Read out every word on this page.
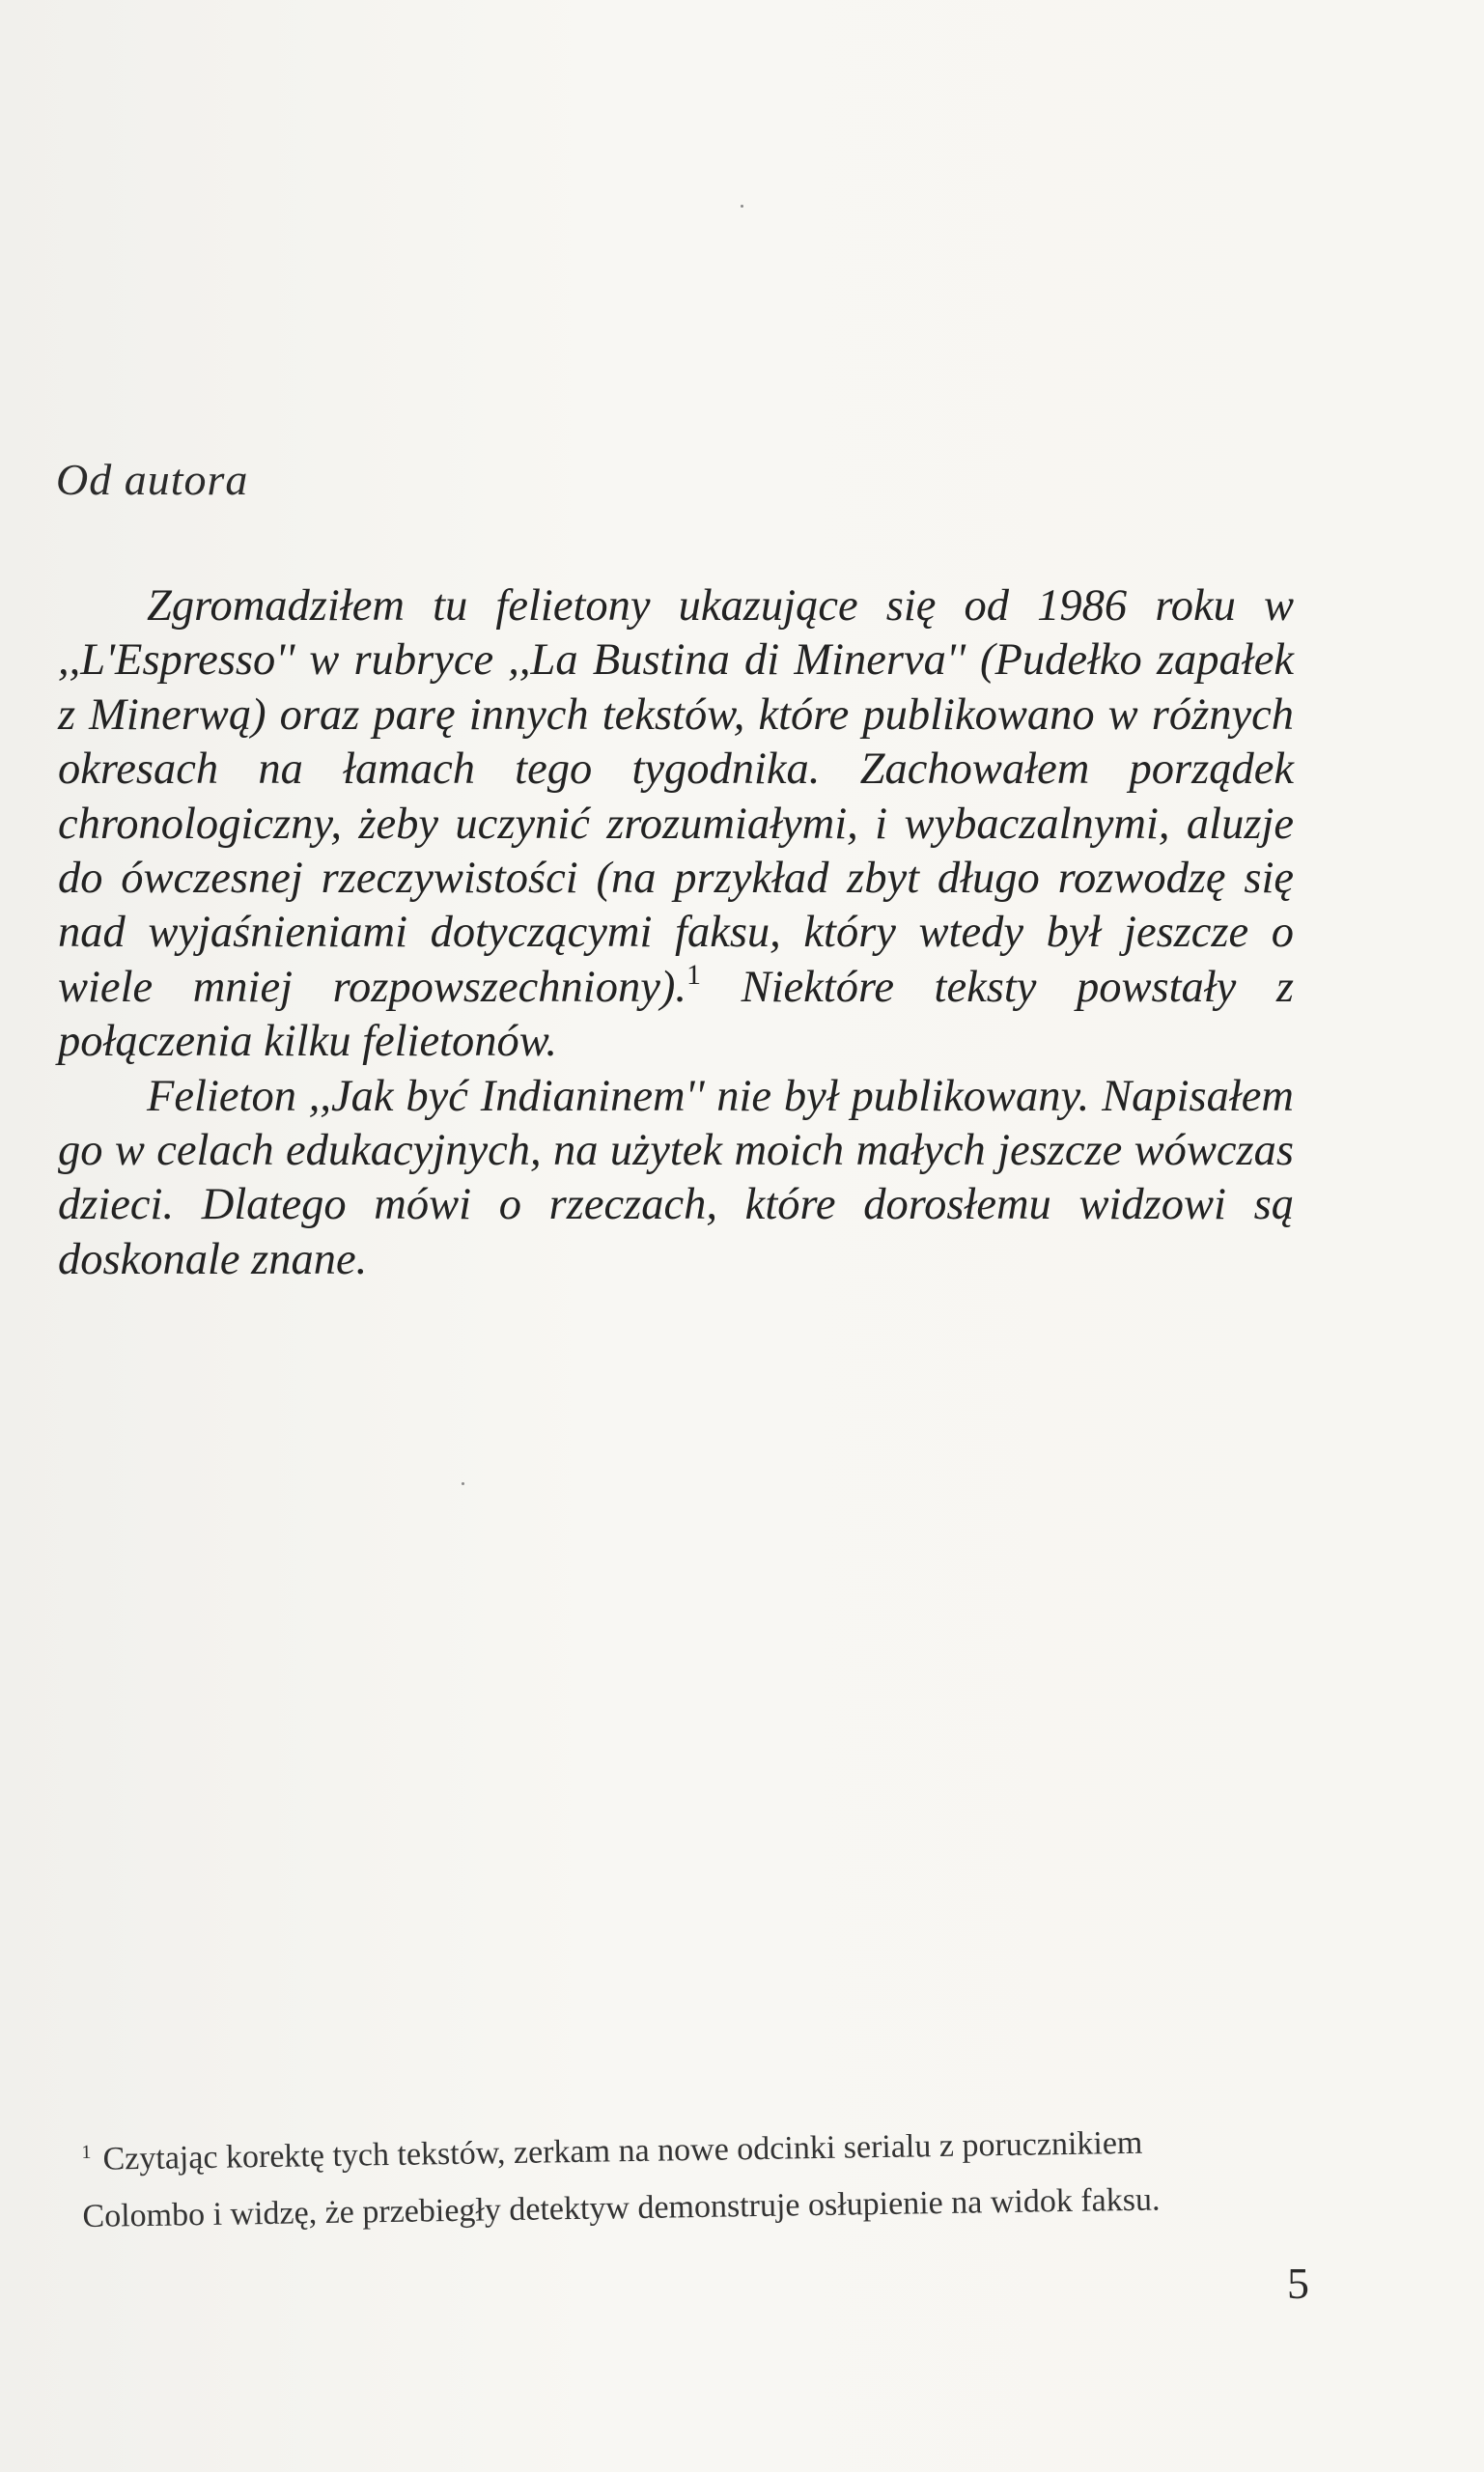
Od autora

Zgromadziłem tu felietony ukazujące się od 1986 roku w ,,L'Espresso'' w rubryce ,,La Bustina di Minerva'' (Pudełko zapałek z Minerwą) oraz parę innych tekstów, które publikowano w różnych okresach na łamach tego tygodnika. Zachowałem porządek chronologiczny, żeby uczynić zrozumiałymi, i wybaczalnymi, aluzje do ówczesnej rzeczywistości (na przykład zbyt długo rozwodzę się nad wyjaśnieniami dotyczącymi faksu, który wtedy był jeszcze o wiele mniej rozpowszechniony).$^1$ Niektóre teksty powstały z połączenia kilku felietonów.

Felieton ,,Jak być Indianinem'' nie był publikowany. Napisałem go w celach edukacyjnych, na użytek moich małych jeszcze wówczas dzieci. Dlatego mówi o rzeczach, które dorosłemu widzowi są doskonale znane.

$^1$ Czytając korektę tych tekstów, zerkam na nowe odcinki serialu z porucznikiem
Colombo i widzę, że przebiegły detektyw demonstruje osłupienie na widok faksu.
5
